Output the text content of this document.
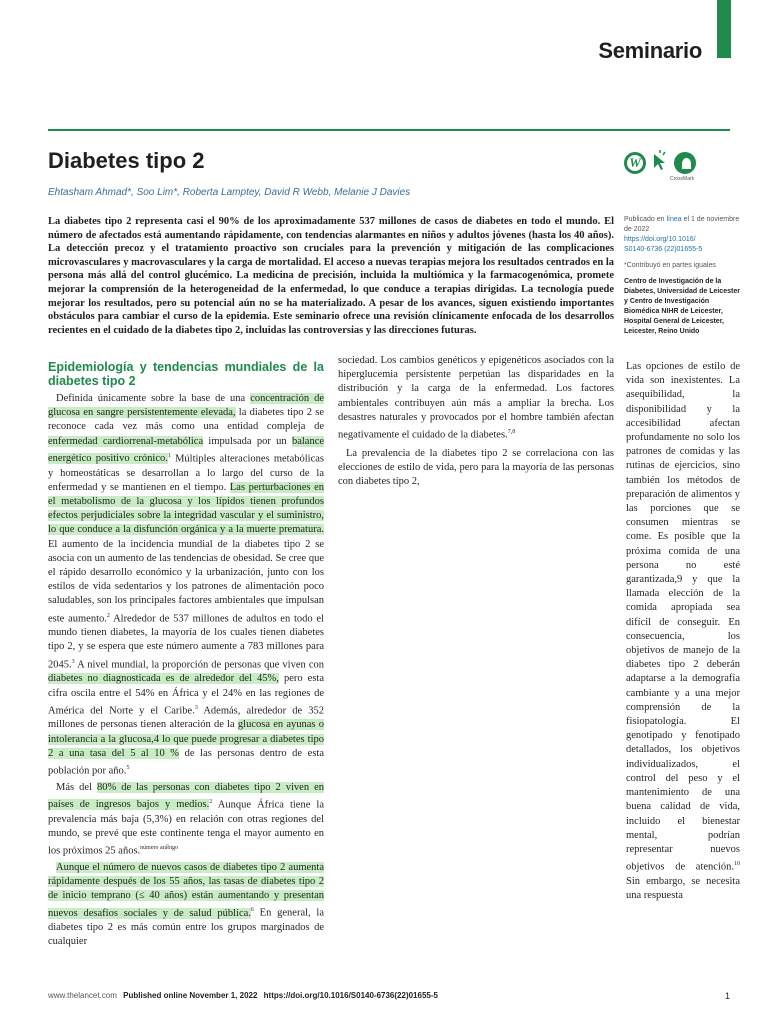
Seminario
Diabetes tipo 2	W
CrossMark
Ehtasham Ahmad*, Soo Lim*, Roberta Lamptey, David R Webb, Melanie J Davies
La diabetes tipo 2 representa casi el 90% de los aproximadamente 537 millones de casos de diabetes en todo el mundo. El número de afectados está aumentando rápidamente, con tendencias alarmantes en niños y adultos jóvenes (hasta los 40 años). La detección precoz y el tratamiento proactivo son cruciales para la prevención y mitigación de las complicaciones microvasculares y macrovasculares y la carga de mortalidad. El acceso a nuevas terapias mejora los resultados centrados en la persona más allá del control glucémico. La medicina de precisión, incluida la multiómica y la farmacogenómica, promete mejorar la comprensión de la heterogeneidad de la enfermedad, lo que conduce a terapias dirigidas. La tecnología puede mejorar los resultados, pero su potencial aún no se ha materializado. A pesar de los avances, siguen existiendo importantes obstáculos para cambiar el curso de la epidemia. Este seminario ofrece una revisión clínicamente enfocada de los desarrollos recientes en el cuidado de la diabetes tipo 2, incluidas las controversias y las direcciones futuras.
Publicado en línea el 1 de noviembre de 2022
https://doi.org/10.1016/
S0140-6736 (22)01655-5
*Contribuyó en partes iguales
Centro de Investigación de la Diabetes, Universidad de Leicester y Centro de Investigación Biomédica NIHR de Leicester, Hospital General de Leicester, Leicester, Reino Unido
Epidemiología y tendencias mundiales de la diabetes tipo 2

Definida únicamente sobre la base de una concentración de glucosa en sangre persistentemente elevada, la diabetes tipo 2 se reconoce cada vez más como una entidad compleja de enfermedad cardiorrenal-metabólica impulsada por un balance energético positivo crónico.$^1$ Múltiples alteraciones metabólicas y homeostáticas se desarrollan a lo largo del curso de la enfermedad y se mantienen en el tiempo. Las perturbaciones en el metabolismo de la glucosa y los lípidos tienen profundos efectos perjudiciales sobre la integridad vascular y el suministro, lo que conduce a la disfunción orgánica y a la muerte prematura. El aumento de la incidencia mundial de la diabetes tipo 2 se asocia con un aumento de las tendencias de obesidad. Se cree que el rápido desarrollo económico y la urbanización, junto con los estilos de vida sedentarios y los patrones de alimentación poco saludables, son los principales factores ambientales que impulsan este aumento.$^2$ Alrededor de 537 millones de adultos en todo el mundo tienen diabetes, la mayoría de los cuales tienen diabetes tipo 2, y se espera que este número aumente a 783 millones para 2045.$^3$ A nivel mundial, la proporción de personas que viven con diabetes no diagnosticada es de alrededor del 45%, pero esta cifra oscila entre el 54% en África y el 24% en las regiones de América del Norte y el Caribe.$^3$ Además, alrededor de 352 millones de personas tienen alteración de la glucosa en ayunas o intolerancia a la glucosa,4 lo que puede progresar a diabetes tipo 2 a una tasa del 5 al 10 % de las personas dentro de esta población por año.$^5$

Más del 80% de las personas con diabetes tipo 2 viven en países de ingresos bajos y medios.$^2$ Aunque África tiene la prevalencia más baja (5,3%) en relación con otras regiones del mundo, se prevé que este continente tenga el mayor aumento en los próximos 25 años.$^{número arábigo}$

Aunque el número de nuevos casos de diabetes tipo 2 aumenta rápidamente después de los 55 años, las tasas de diabetes tipo 2 de inicio temprano (≤ 40 años) están aumentando y presentan nuevos desafíos sociales y de salud pública.$^6$ En general, la diabetes tipo 2 es más común entre los grupos marginados de cualquier

sociedad. Los cambios genéticos y epigenéticos asociados con la hiperglucemia persistente perpetúan las disparidades en la distribución y la carga de la enfermedad. Los factores ambientales contribuyen aún más a ampliar la brecha. Los desastres naturales y provocados por el hombre también afectan negativamente el cuidado de la diabetes.$^{7,8}$

La prevalencia de la diabetes tipo 2 se correlaciona con las elecciones de estilo de vida, pero para la mayoría de las personas con diabetes tipo 2,

Las opciones de estilo de vida son inexistentes. La asequibilidad, la disponibilidad y la accesibilidad afectan profundamente no solo los patrones de comidas y las rutinas de ejercicios, sino también los métodos de preparación de alimentos y las porciones que se consumen mientras se come. Es posible que la próxima comida de una persona no esté garantizada,9 y que la llamada elección de la comida apropiada sea difícil de conseguir. En consecuencia, los objetivos de manejo de la diabetes tipo 2 deberán adaptarse a la demografía cambiante y a una mejor comprensión de la fisiopatología. El genotipado y fenotipado detallados, los objetivos individualizados, el control del peso y el mantenimiento de una buena calidad de vida, incluido el bienestar mental, podrían representar nuevos objetivos de atención.$^{10}$ Sin embargo, se necesita una respuesta
www.thelancet.com Published online November 1, 2022 https://doi.org/10.1016/S0140-6736(22)01655-5	1
